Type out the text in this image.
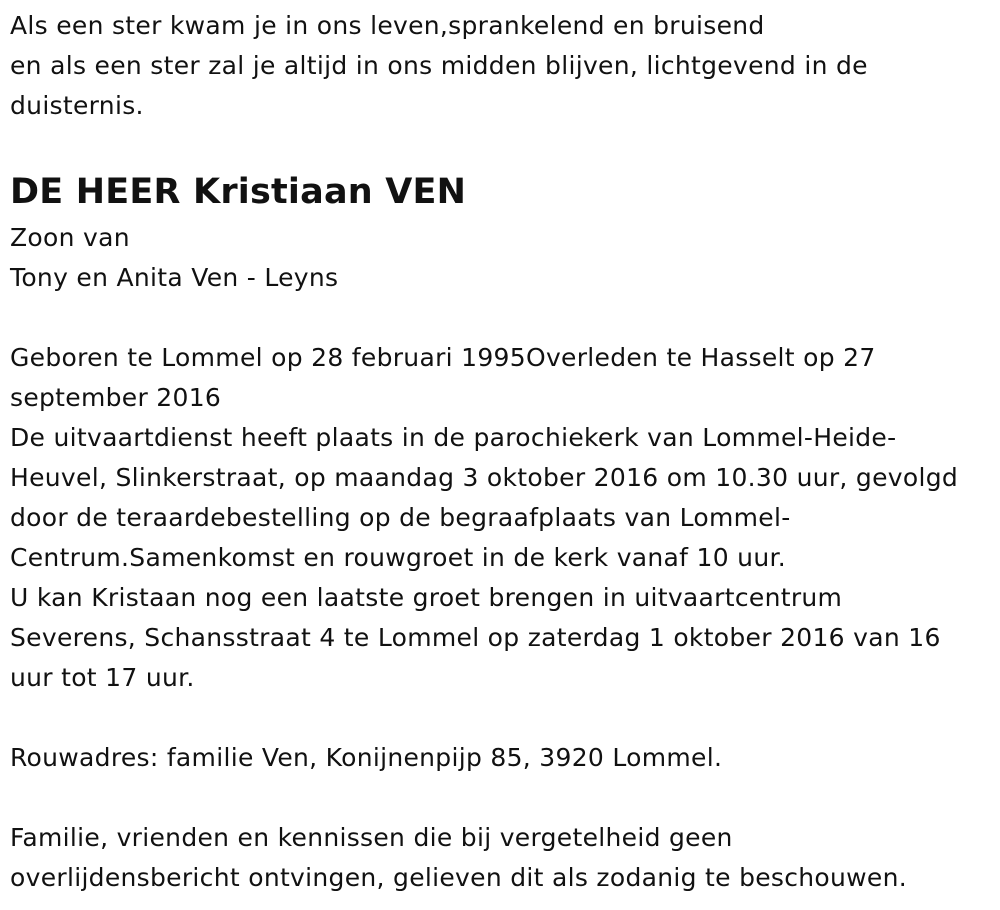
Als een ster kwam je in ons leven,sprankelend en bruisend
en als een ster zal je altijd in ons midden blijven, lichtgevend in de
duisternis.
DE HEER Kristiaan VEN
Zoon van
Tony en Anita Ven - Leyns
Geboren te Lommel op 28 februari 1995Overleden te Hasselt op 27
september 2016
De uitvaartdienst heeft plaats in de parochiekerk van Lommel-Heide-
Heuvel, Slinkerstraat, op maandag 3 oktober 2016 om 10.30 uur, gevolgd
door de teraardebestelling op de begraafplaats van Lommel-
Centrum.Samenkomst en rouwgroet in de kerk vanaf 10 uur.
U kan Kristaan nog een laatste groet brengen in uitvaartcentrum
Severens, Schansstraat 4 te Lommel op zaterdag 1 oktober 2016 van 16
uur tot 17 uur.
Rouwadres: familie Ven, Konijnenpijp 85, 3920 Lommel.
Familie, vrienden en kennissen die bij vergetelheid geen
overlijdensbericht ontvingen, gelieven dit als zodanig te beschouwen.
